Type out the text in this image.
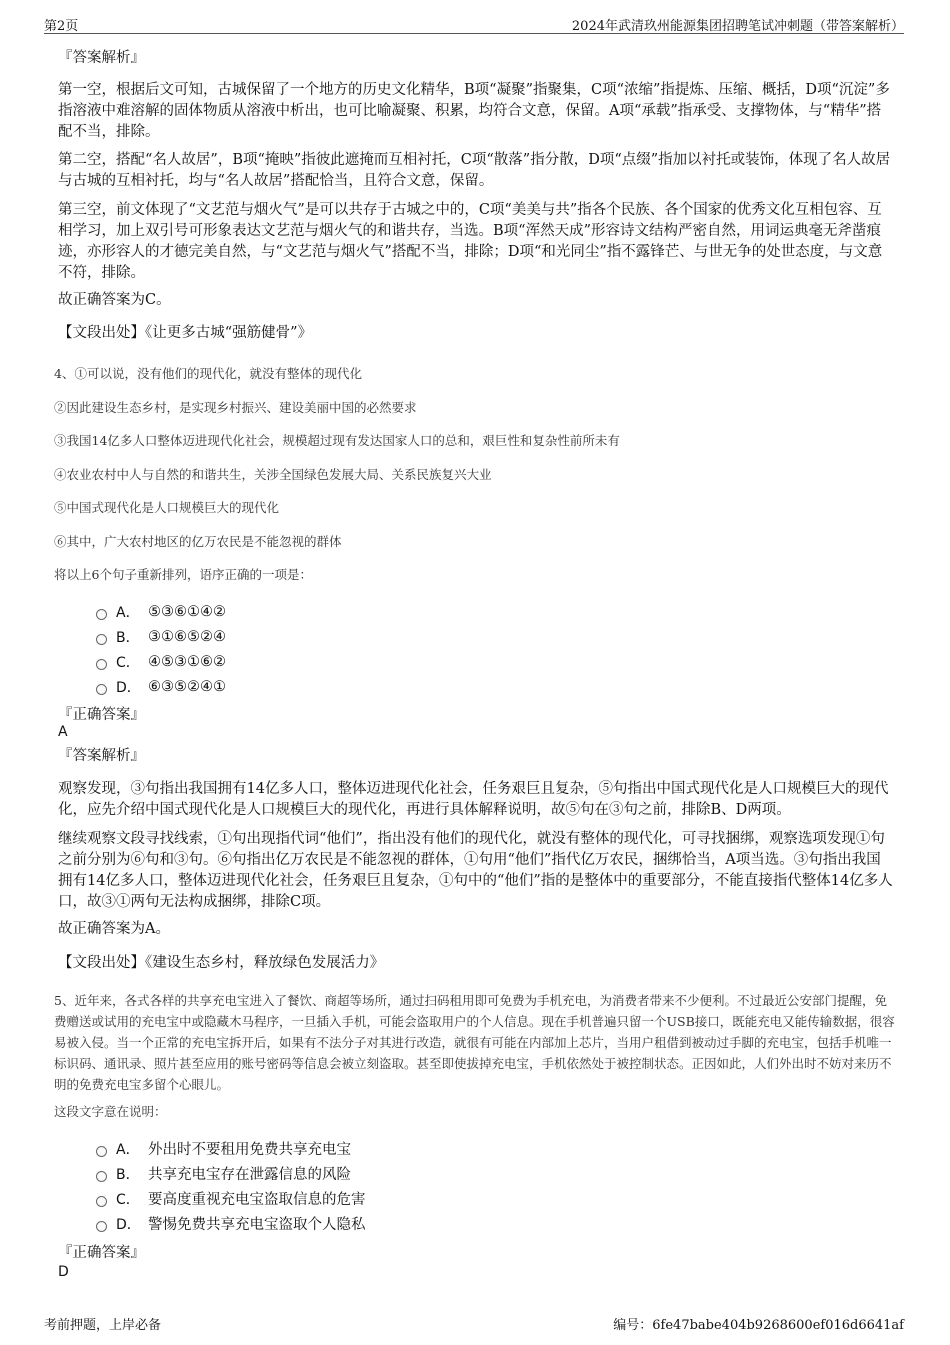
第2页	2024年武清玖州能源集团招聘笔试冲刺题（带答案解析）
『答案解析』
第一空，根据后文可知，古城保留了一个地方的历史文化精华，B项“凝聚”指聚集，C项“浓缩”指提炼、压缩、概括，D项“沉淀”多指溶液中难溶解的固体物质从溶液中析出，也可比喻凝聚、积累，均符合文意，保留。A项“承载”指承受、支撑物体，与“精华”搭配不当，排除。
第二空，搭配“名人故居”，B项“掩映”指彼此遮掩而互相衬托，C项“散落”指分散，D项“点缀”指加以衬托或装饰，体现了名人故居与古城的互相衬托，均与“名人故居”搭配恰当，且符合文意，保留。
第三空，前文体现了“文艺范与烟火气”是可以共存于古城之中的，C项“美美与共”指各个民族、各个国家的优秀文化互相包容、互相学习，加上双引号可形象表达文艺范与烟火气的和谐共存，当选。B项“浑然天成”形容诗文结构严密自然，用词运典毫无斧凿痕迹，亦形容人的才德完美自然，与“文艺范与烟火气”搭配不当，排除；D项“和光同尘”指不露锋芒、与世无争的处世态度，与文意不符，排除。
故正确答案为C。
【文段出处】《让更多古城“强筋健骨”》
4、①可以说，没有他们的现代化，就没有整体的现代化
②因此建设生态乡村，是实现乡村振兴、建设美丽中国的必然要求
③我国14亿多人口整体迈进现代化社会，规模超过现有发达国家人口的总和，艰巨性和复杂性前所未有
④农业农村中人与自然的和谐共生，关涉全国绿色发展大局、关系民族复兴大业
⑤中国式现代化是人口规模巨大的现代化
⑥其中，广大农村地区的亿万农民是不能忽视的群体
将以上6个句子重新排列，语序正确的一项是：
A． ⑤③⑥①④②
B． ③①⑥⑤②④
C． ④⑤③①⑥②
D． ⑥③⑤②④①
『正确答案』
A
『答案解析』
观察发现，③句指出我国拥有14亿多人口，整体迈进现代化社会，任务艰巨且复杂，⑤句指出中国式现代化是人口规模巨大的现代化，应先介绍中国式现代化是人口规模巨大的现代化，再进行具体解释说明，故⑤句在③句之前，排除B、D两项。
继续观察文段寻找线索，①句出现指代词“他们”，指出没有他们的现代化，就没有整体的现代化，可寻找捆绑，观察选项发现①句之前分别为⑥句和③句。⑥句指出亿万农民是不能忽视的群体，①句用“他们”指代亿万农民，捆绑恰当，A项当选。③句指出我国拥有14亿多人口，整体迈进现代化社会，任务艰巨且复杂，①句中的“他们”指的是整体中的重要部分，不能直接指代整体14亿多人口，故③①两句无法构成捆绑，排除C项。
故正确答案为A。
【文段出处】《建设生态乡村，释放绿色发展活力》
5、近年来，各式各样的共享充电宝进入了餐饮、商超等场所，通过扫码租用即可免费为手机充电，为消费者带来不少便利。不过最近公安部门提醒，免费赠送或试用的充电宝中或隐藏木马程序，一旦插入手机，可能会盗取用户的个人信息。现在手机普遍只留一个USB接口，既能充电又能传输数据，很容易被入侵。当一个正常的充电宝拆开后，如果有不法分子对其进行改造，就很有可能在内部加上芯片，当用户租借到被动过手脚的充电宝，包括手机唯一标识码、通讯录、照片甚至应用的账号密码等信息会被立刻盗取。甚至即使拔掉充电宝，手机依然处于被控制状态。正因如此，人们外出时不妨对来历不明的免费充电宝多留个心眼儿。
这段文字意在说明：
A． 外出时不要租用免费共享充电宝
B． 共享充电宝存在泄露信息的风险
C． 要高度重视充电宝盗取信息的危害
D． 警惕免费共享充电宝盗取个人隐私
『正确答案』
D
考前押题，上岸必备	编号：6fe47babe404b9268600ef016d6641af
